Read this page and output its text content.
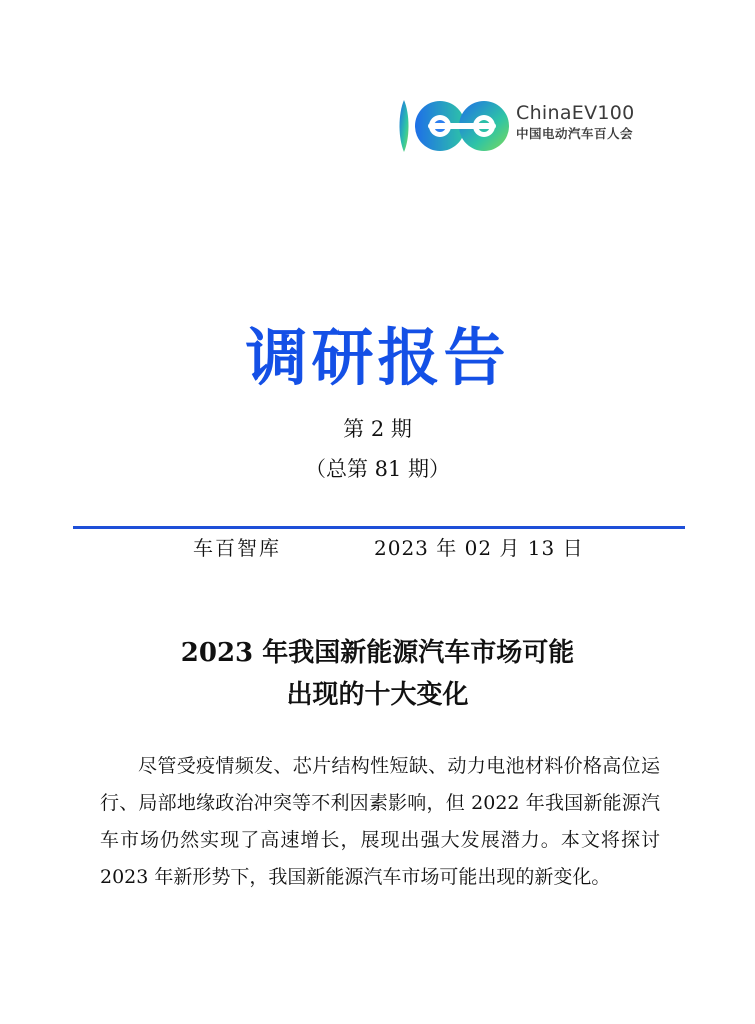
ChinaEV100
中国电动汽车百人会
调研报告
第 2 期
（总第 81 期）
车百智库	2023 年 02 月 13 日
2023 年我国新能源汽车市场可能
出现的十大变化

尽管受疫情频发、芯片结构性短缺、动力电池材料价格高位运行、局部地缘政治冲突等不利因素影响，但 2022 年我国新能源汽车市场仍然实现了高速增长，展现出强大发展潜力。本文将探讨 2023 年新形势下，我国新能源汽车市场可能出现的新变化。
